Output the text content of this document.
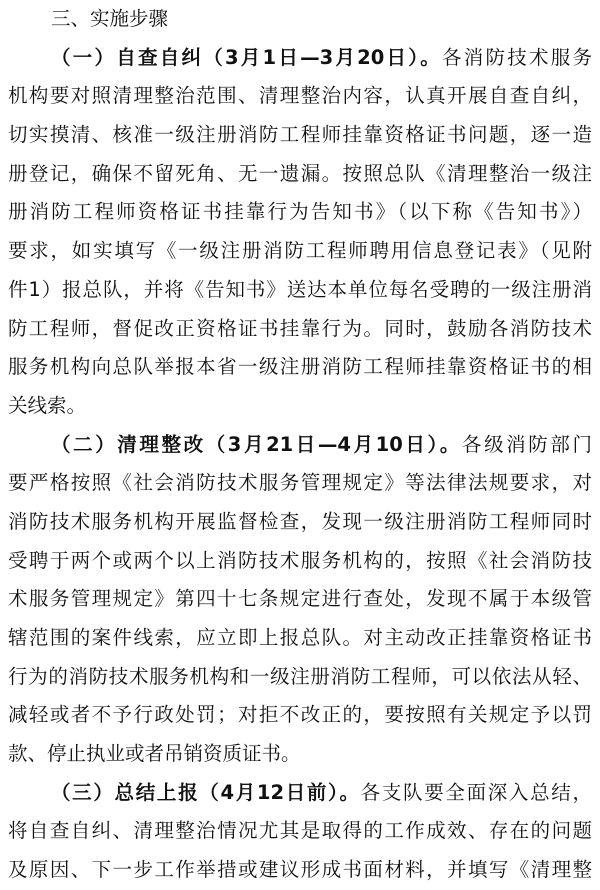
三、实施步骤
（一）自查自纠（3月1日—3月20日）。各消防技术服务
机构要对照清理整治范围、清理整治内容，认真开展自查自纠，
切实摸清、核准一级注册消防工程师挂靠资格证书问题，逐一造
册登记，确保不留死角、无一遗漏。按照总队《清理整治一级注
册消防工程师资格证书挂靠行为告知书》（以下称《告知书》）
要求，如实填写《一级注册消防工程师聘用信息登记表》（见附
件1）报总队，并将《告知书》送达本单位每名受聘的一级注册消
防工程师，督促改正资格证书挂靠行为。同时，鼓励各消防技术
服务机构向总队举报本省一级注册消防工程师挂靠资格证书的相
关线索。
（二）清理整改（3月21日—4月10日）。各级消防部门
要严格按照《社会消防技术服务管理规定》等法律法规要求，对
消防技术服务机构开展监督检查，发现一级注册消防工程师同时
受聘于两个或两个以上消防技术服务机构的，按照《社会消防技
术服务管理规定》第四十七条规定进行查处，发现不属于本级管
辖范围的案件线索，应立即上报总队。对主动改正挂靠资格证书
行为的消防技术服务机构和一级注册消防工程师，可以依法从轻、
减轻或者不予行政处罚；对拒不改正的，要按照有关规定予以罚
款、停止执业或者吊销资质证书。
（三）总结上报（4月12日前）。各支队要全面深入总结，
将自查自纠、清理整治情况尤其是取得的工作成效、存在的问题
及原因、下一步工作举措或建议形成书面材料，并填写《清理整
